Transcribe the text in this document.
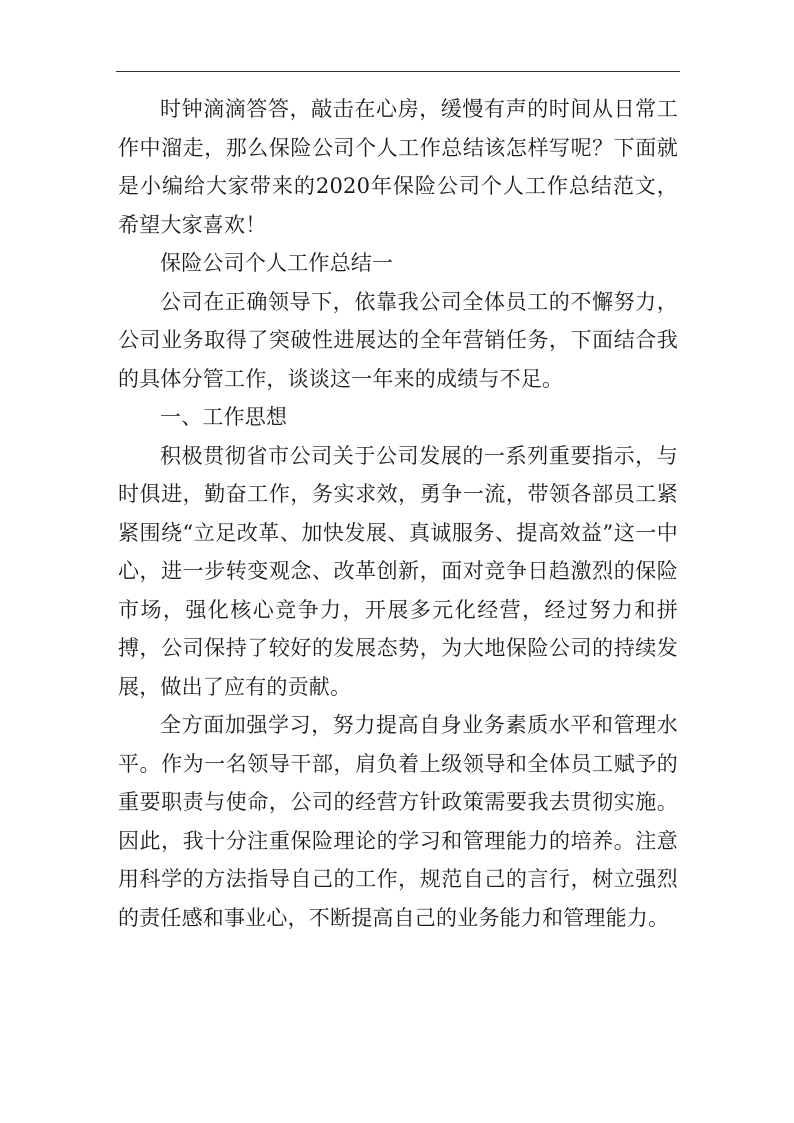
时钟滴滴答答，敲击在心房，缓慢有声的时间从日常工作中溜走，那么保险公司个人工作总结该怎样写呢？下面就是小编给大家带来的2020年保险公司个人工作总结范文，希望大家喜欢！

保险公司个人工作总结一

公司在正确领导下，依靠我公司全体员工的不懈努力，公司业务取得了突破性进展达的全年营销任务，下面结合我的具体分管工作，谈谈这一年来的成绩与不足。

一、工作思想

积极贯彻省市公司关于公司发展的一系列重要指示，与时俱进，勤奋工作，务实求效，勇争一流，带领各部员工紧紧围绕“立足改革、加快发展、真诚服务、提高效益”这一中心，进一步转变观念、改革创新，面对竞争日趋激烈的保险市场，强化核心竞争力，开展多元化经营，经过努力和拼搏，公司保持了较好的发展态势，为大地保险公司的持续发展，做出了应有的贡献。

全方面加强学习，努力提高自身业务素质水平和管理水平。作为一名领导干部，肩负着上级领导和全体员工赋予的重要职责与使命，公司的经营方针政策需要我去贯彻实施。因此，我十分注重保险理论的学习和管理能力的培养。注意用科学的方法指导自己的工作，规范自己的言行，树立强烈的责任感和事业心，不断提高自己的业务能力和管理能力。
